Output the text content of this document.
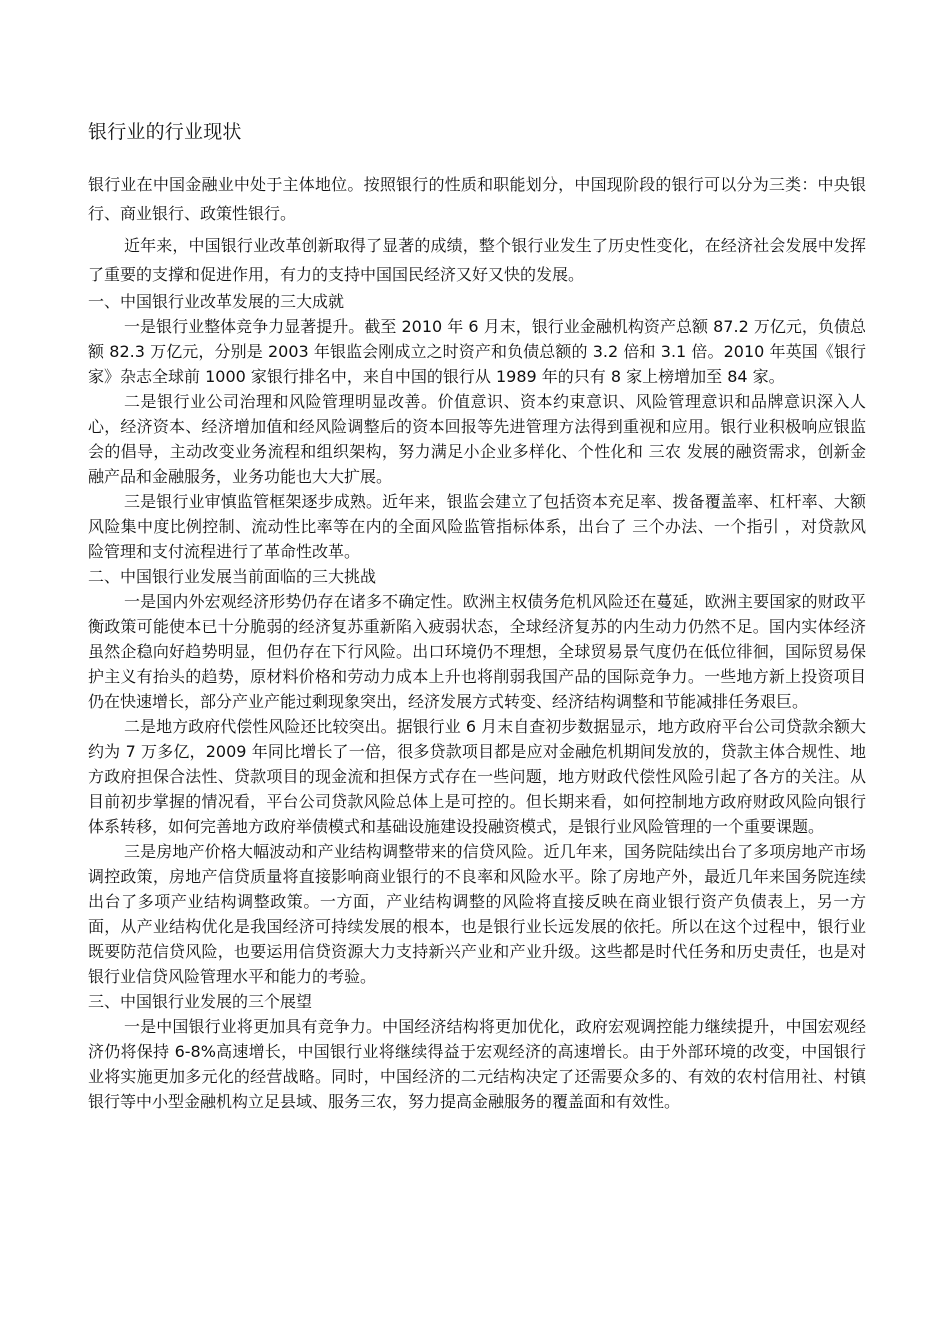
银行业的行业现状

银行业在中国金融业中处于主体地位。按照银行的性质和职能划分，中国现阶段的银行可以分为三类：中央银行、商业银行、政策性银行。

近年来，中国银行业改革创新取得了显著的成绩，整个银行业发生了历史性变化，在经济社会发展中发挥了重要的支撑和促进作用，有力的支持中国国民经济又好又快的发展。

一、中国银行业改革发展的三大成就

一是银行业整体竞争力显著提升。截至 2010 年 6 月末，银行业金融机构资产总额 87.2 万亿元，负债总额 82.3 万亿元，分别是 2003 年银监会刚成立之时资产和负债总额的 3.2 倍和 3.1 倍。2010 年英国《银行家》杂志全球前 1000 家银行排名中，来自中国的银行从 1989 年的只有 8 家上榜增加至 84 家。

二是银行业公司治理和风险管理明显改善。价值意识、资本约束意识、风险管理意识和品牌意识深入人心，经济资本、经济增加值和经风险调整后的资本回报等先进管理方法得到重视和应用。银行业积极响应银监会的倡导，主动改变业务流程和组织架构，努力满足小企业多样化、个性化和 三农 发展的融资需求，创新金融产品和金融服务，业务功能也大大扩展。

三是银行业审慎监管框架逐步成熟。近年来，银监会建立了包括资本充足率、拨备覆盖率、杠杆率、大额风险集中度比例控制、流动性比率等在内的全面风险监管指标体系，出台了 三个办法、一个指引 ，对贷款风险管理和支付流程进行了革命性改革。

二、中国银行业发展当前面临的三大挑战

一是国内外宏观经济形势仍存在诸多不确定性。欧洲主权债务危机风险还在蔓延，欧洲主要国家的财政平衡政策可能使本已十分脆弱的经济复苏重新陷入疲弱状态，全球经济复苏的内生动力仍然不足。国内实体经济虽然企稳向好趋势明显，但仍存在下行风险。出口环境仍不理想，全球贸易景气度仍在低位徘徊，国际贸易保护主义有抬头的趋势，原材料价格和劳动力成本上升也将削弱我国产品的国际竞争力。一些地方新上投资项目仍在快速增长，部分产业产能过剩现象突出，经济发展方式转变、经济结构调整和节能减排任务艰巨。

二是地方政府代偿性风险还比较突出。据银行业 6 月末自查初步数据显示，地方政府平台公司贷款余额大约为 7 万多亿，2009 年同比增长了一倍，很多贷款项目都是应对金融危机期间发放的，贷款主体合规性、地方政府担保合法性、贷款项目的现金流和担保方式存在一些问题，地方财政代偿性风险引起了各方的关注。从目前初步掌握的情况看，平台公司贷款风险总体上是可控的。但长期来看，如何控制地方政府财政风险向银行体系转移，如何完善地方政府举债模式和基础设施建设投融资模式，是银行业风险管理的一个重要课题。

三是房地产价格大幅波动和产业结构调整带来的信贷风险。近几年来，国务院陆续出台了多项房地产市场调控政策，房地产信贷质量将直接影响商业银行的不良率和风险水平。除了房地产外，最近几年来国务院连续出台了多项产业结构调整政策。一方面，产业结构调整的风险将直接反映在商业银行资产负债表上，另一方面，从产业结构优化是我国经济可持续发展的根本，也是银行业长远发展的依托。所以在这个过程中，银行业既要防范信贷风险，也要运用信贷资源大力支持新兴产业和产业升级。这些都是时代任务和历史责任，也是对银行业信贷风险管理水平和能力的考验。

三、中国银行业发展的三个展望

一是中国银行业将更加具有竞争力。中国经济结构将更加优化，政府宏观调控能力继续提升，中国宏观经济仍将保持 6-8%高速增长，中国银行业将继续得益于宏观经济的高速增长。由于外部环境的改变，中国银行业将实施更加多元化的经营战略。同时，中国经济的二元结构决定了还需要众多的、有效的农村信用社、村镇银行等中小型金融机构立足县域、服务三农，努力提高金融服务的覆盖面和有效性。
